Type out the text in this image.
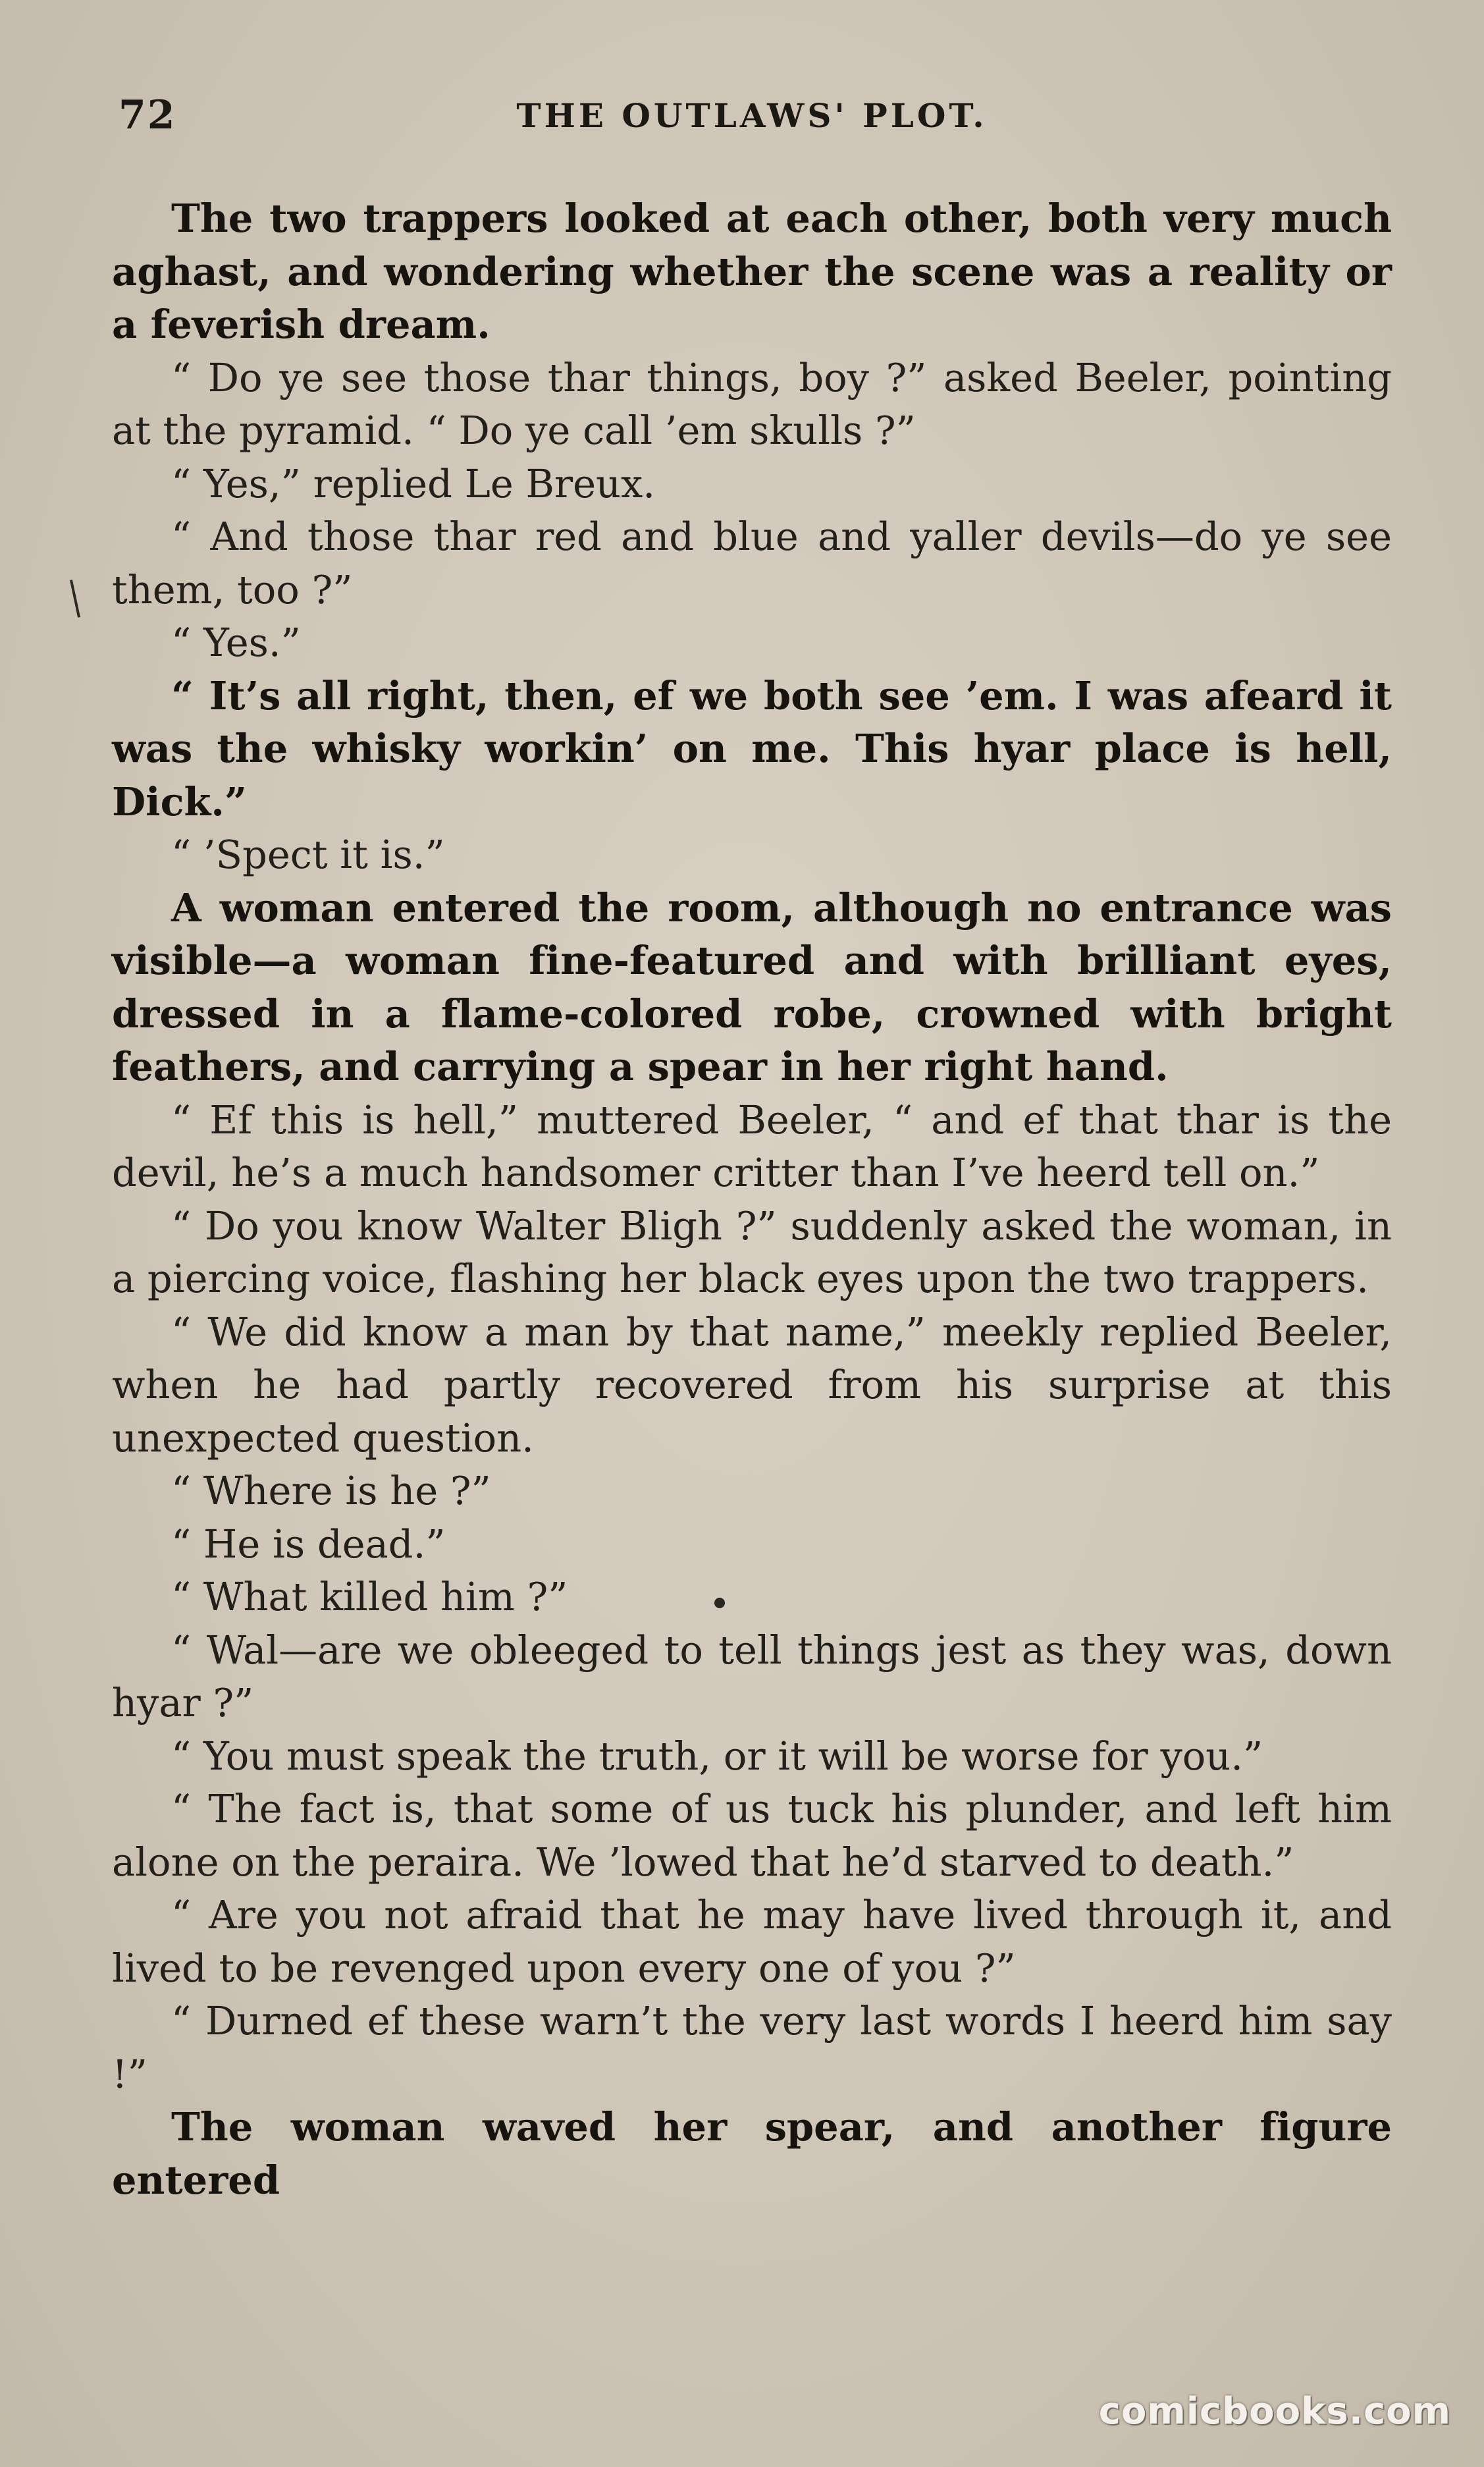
72	THE OUTLAWS' PLOT.

The two trappers looked at each other, both very much aghast, and wondering whether the scene was a reality or a feverish dream.

“ Do ye see those thar things, boy ?” asked Beeler, pointing at the pyramid. “ Do ye call ’em skulls ?”

“ Yes,” replied Le Breux.

“ And those thar red and blue and yaller devils—do ye see them, too ?”

“ Yes.”

“ It’s all right, then, ef we both see ’em. I was afeard it was the whisky workin’ on me. This hyar place is hell, Dick.”

“ ’Spect it is.”

A woman entered the room, although no entrance was visible—a woman fine-featured and with brilliant eyes, dressed in a flame-colored robe, crowned with bright feathers, and carrying a spear in her right hand.

“ Ef this is hell,” muttered Beeler, “ and ef that thar is the devil, he’s a much handsomer critter than I’ve heerd tell on.”

“ Do you know Walter Bligh ?” suddenly asked the woman, in a piercing voice, flashing her black eyes upon the two trappers.

“ We did know a man by that name,” meekly replied Beeler, when he had partly recovered from his surprise at this unexpected question.

“ Where is he ?”

“ He is dead.”

“ What killed him ?”

“ Wal—are we obleeged to tell things jest as they was, down hyar ?”

“ You must speak the truth, or it will be worse for you.”

“ The fact is, that some of us tuck his plunder, and left him alone on the peraira. We ’lowed that he’d starved to death.”

“ Are you not afraid that he may have lived through it, and lived to be revenged upon every one of you ?”

“ Durned ef these warn’t the very last words I heerd him say !”

The woman waved her spear, and another figure entered

comicbooks.com
